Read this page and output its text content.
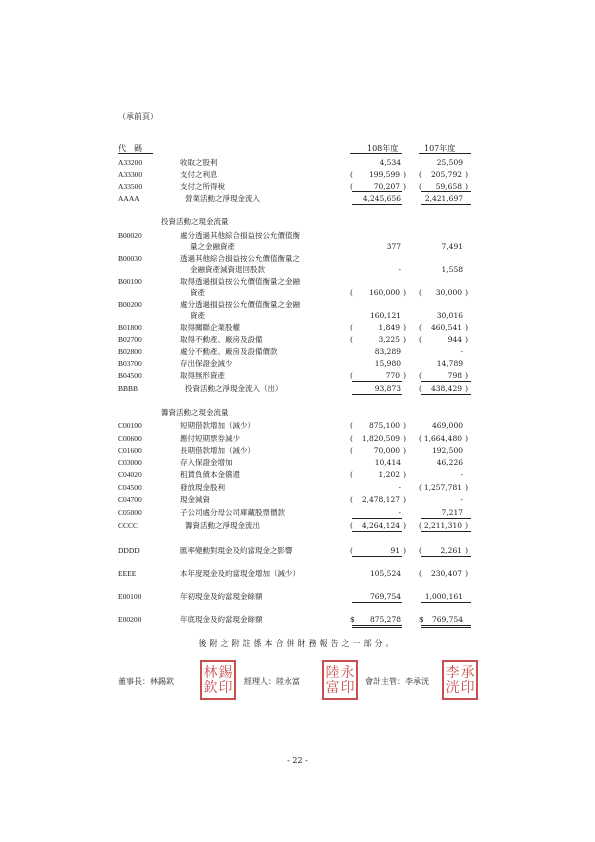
（承前頁）
代　碼	108年度	107年度
A33200	收取之股利	4,534	25,509
A33300	支付之利息	( 199,599 ) ( 205,792 )
A33500	支付之所得稅	(	70,207 ) ( 59,658 )
AAAA	營業活動之淨現金流入	4,245,656	2,421,697
投資活動之現金流量
B00020	處分透過其他綜合損益按公允價值衡
量之金融資產	377	7,491
B00030	透過其他綜合損益按公允價值衡量之
金融資產減資退回股款	-	1,558
B00100	取得透過損益按公允價值衡量之金融
資產	( 160,000 ) ( 30,000 )
B00200	處分透過損益按公允價值衡量之金融
資產	160,121	30,016
B01800	取得關聯企業股權	(	1,849 ) ( 460,541 )
B02700	取得不動產、廠房及設備	(	3,225 ) (	944 )
B02800	處分不動產、廠房及設備價款	83,289	-
B03700	存出保證金減少	15,980	14,789
B04500	取得無形資產	(	770 ) (	798 )
BBBB	投資活動之淨現金流入（出）	93,873 ( 438,429 )
籌資活動之現金流量
C00100	短期借款增加（減少）	( 875,100 )	469,000
C00600	應付短期票券減少	( 1,820,509 ) ( 1,664,480 )
C01600	長期借款增加（減少）	(	70,000 )	192,500
C03000	存入保證金增加	10,414	46,226
C04020	租賃負債本金償還	(	1,202 )	-
C04500	發放現金股利	- ( 1,257,781 )
C04700	現金減資	( 2,478,127 )	-
C05000	子公司處分母公司庫藏股票價款	-	7,217
CCCC	籌資活動之淨現金流出	( 4,264,124 ) ( 2,211,310 )
DDDD	匯率變動對現金及約當現金之影響	(	91 ) ( 2,261 )
EEEE	本年度現金及約當現金增加（減少）	105,524 ( 230,407 )
E00100	年初現金及約當現金餘額	769,754	1,000,161
E00200	年底現金及約當現金餘額	$ 875,278 $ 769,754
後附之附註係本合併財務報告之一部分。
董事長：林錫欽
林 錫
欽 印 經理人：陸永富
陸 永
富 印 會計主管：李承洸
李 承
洸 印
- 22 -
